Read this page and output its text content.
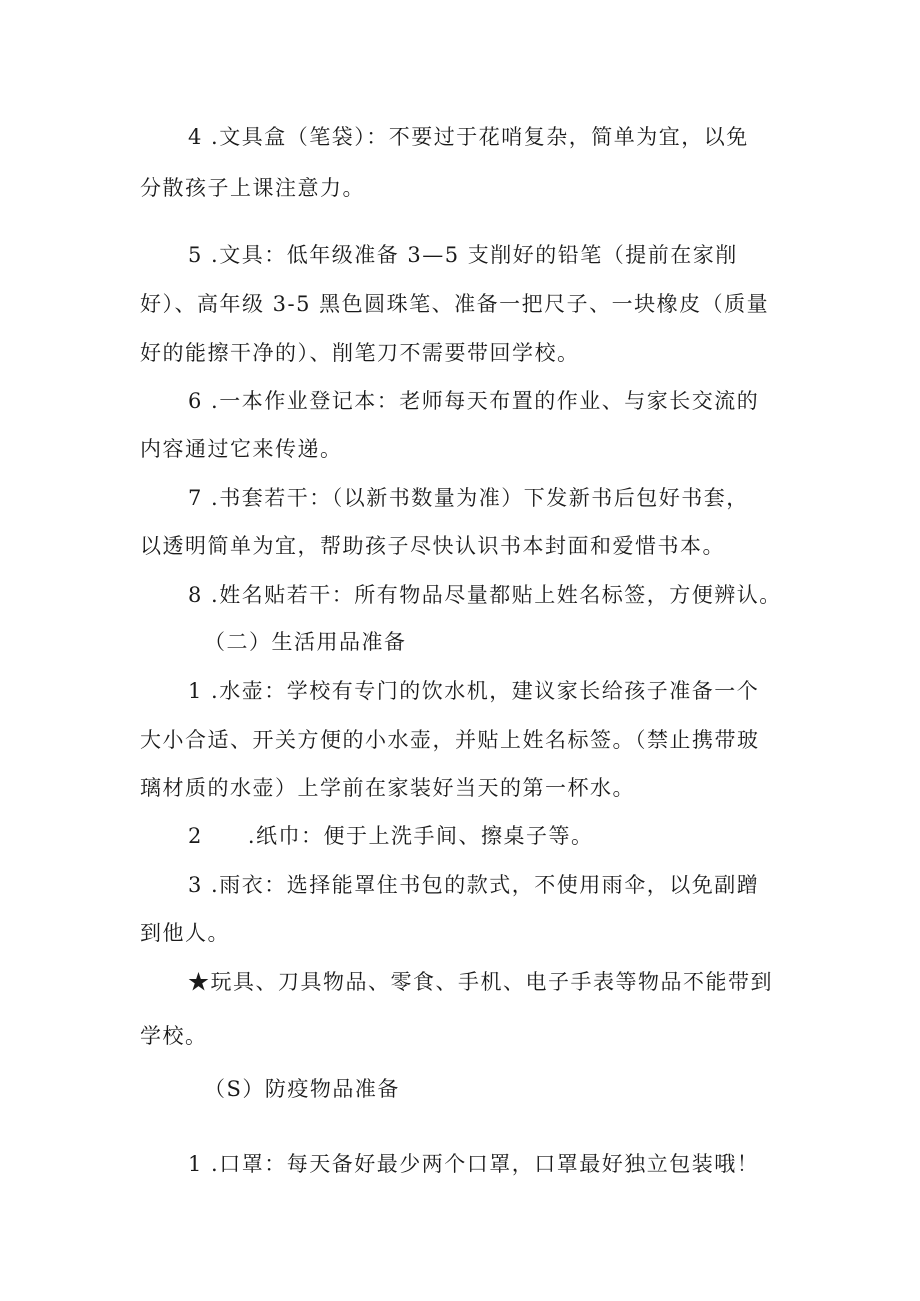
4 .文具盒（笔袋）：不要过于花哨复杂，简单为宜，以免
分散孩子上课注意力。
5 .文具：低年级准备 3—5 支削好的铅笔（提前在家削
好）、高年级 3-5 黑色圆珠笔、准备一把尺子、一块橡皮（质量
好的能擦干净的）、削笔刀不需要带回学校。
6 .一本作业登记本：老师每天布置的作业、与家长交流的
内容通过它来传递。
7 .书套若干：（以新书数量为准）下发新书后包好书套，
以透明简单为宜，帮助孩子尽快认识书本封面和爱惜书本。
8 .姓名贴若干：所有物品尽量都贴上姓名标签，方便辨认。
（二）生活用品准备
1 .水壶：学校有专门的饮水机，建议家长给孩子准备一个
大小合适、开关方便的小水壶，并贴上姓名标签。（禁止携带玻
璃材质的水壶）上学前在家装好当天的第一杯水。
2　　.纸巾：便于上洗手间、擦桌子等。
3 .雨衣：选择能罩住书包的款式，不使用雨伞，以免副蹭
到他人。
★玩具、刀具物品、零食、手机、电子手表等物品不能带到
学校。
（S）防疫物品准备
1 .口罩：每天备好最少两个口罩，口罩最好独立包装哦！
